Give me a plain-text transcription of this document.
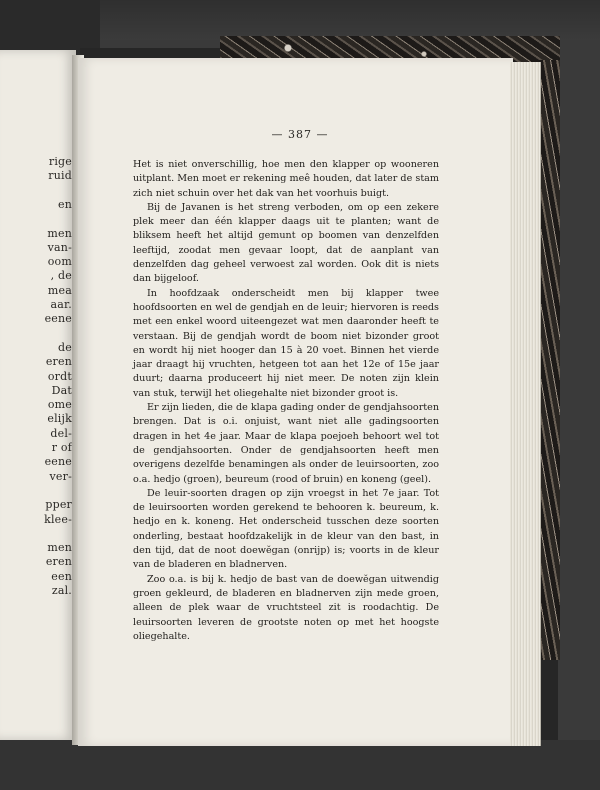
rige
ruid
en
men
van-
oom
, de
mea
aar.
eene
de
eren
ordt
Dat
ome
elijk
del-
r of
eene
ver-
pper
klee-
men
eren
een
zal.
— 387 —

Het is niet onverschillig, hoe men den klapper op wooneren uitplant. Men moet er rekening meê houden, dat later de stam zich niet schuin over het dak van het voorhuis buigt.

Bij de Javanen is het streng verboden, om op een zekere plek meer dan één klapper daags uit te planten; want de bliksem heeft het altijd gemunt op boomen van denzelfden leeftijd, zoodat men gevaar loopt, dat de aanplant van denzelfden dag geheel verwoest zal worden. Ook dit is niets dan bijgeloof.

In hoofdzaak onderscheidt men bij klapper twee hoofdsoorten en wel de gendjah en de leuir; hiervoren is reeds met een enkel woord uiteengezet wat men daaronder heeft te verstaan. Bij de gendjah wordt de boom niet bizonder groot en wordt hij niet hooger dan 15 à 20 voet. Binnen het vierde jaar draagt hij vruchten, hetgeen tot aan het 12e of 15e jaar duurt; daarna produceert hij niet meer. De noten zijn klein van stuk, terwijl het oliegehalte niet bizonder groot is.

Er zijn lieden, die de klapa gading onder de gendjahsoorten brengen. Dat is o.i. onjuist, want niet alle gadingsoorten dragen in het 4e jaar. Maar de klapa poejoeh behoort wel tot de gendjahsoorten. Onder de gendjahsoorten heeft men overigens dezelfde benamingen als onder de leuirsoorten, zoo o.a. hedjo (groen), beureum (rood of bruin) en koneng (geel).

De leuir-soorten dragen op zijn vroegst in het 7e jaar. Tot de leuirsoorten worden gerekend te behooren k. beureum, k. hedjo en k. koneng. Het onderscheid tusschen deze soorten onderling, bestaat hoofdzakelijk in de kleur van den bast, in den tijd, dat de noot doewĕgan (onrijp) is; voorts in de kleur van de bladeren en bladnerven.

Zoo o.a. is bij k. hedjo de bast van de doewĕgan uitwendig groen gekleurd, de bladeren en bladnerven zijn mede groen, alleen de plek waar de vruchtsteel zit is roodachtig. De leuirsoorten leveren de grootste noten op met het hoogste oliegehalte.
